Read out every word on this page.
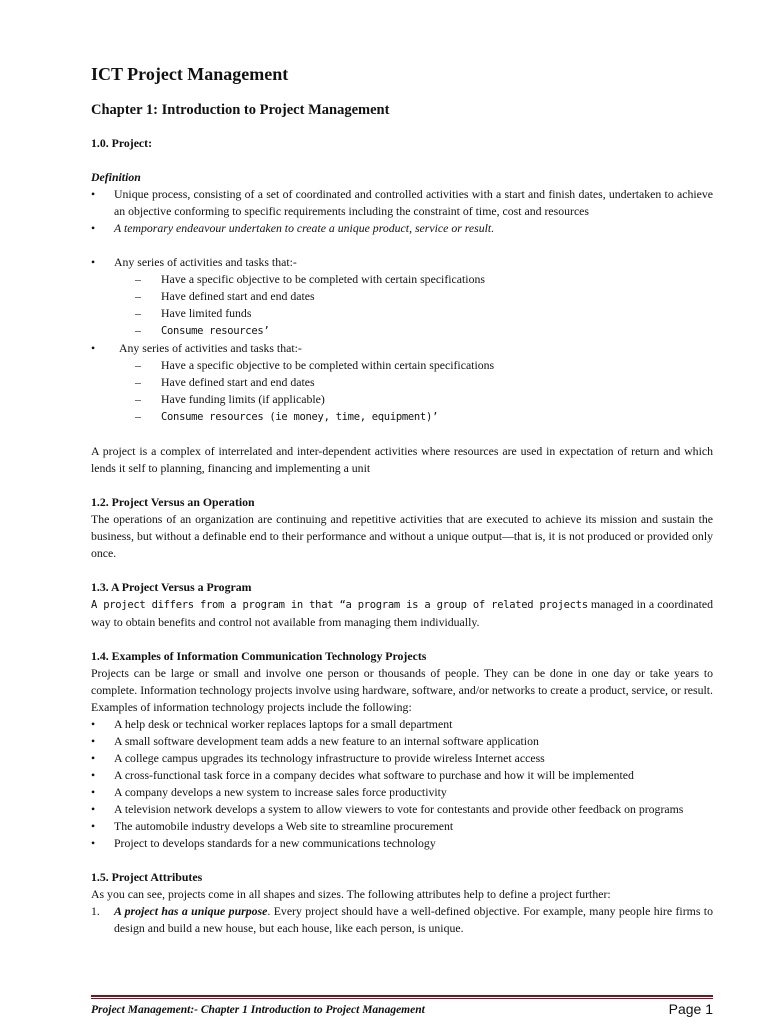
ICT Project Management
Chapter 1: Introduction to Project Management

1.0. Project:

Definition

• Unique process, consisting of a set of coordinated and controlled activities with a start and finish dates, undertaken to achieve an objective conforming to specific requirements including the constraint of time, cost and resources
• A temporary endeavour undertaken to create a unique product, service or result.
• Any series of activities and tasks that:-
– Have a specific objective to be completed with certain specifications
– Have defined start and end dates
– Have limited funds
– Consume resources’
• Any series of activities and tasks that:-
– Have a specific objective to be completed within certain specifications
– Have defined start and end dates
– Have funding limits (if applicable)
– Consume resources (ie money, time, equipment)’

A project is a complex of interrelated and inter-dependent activities where resources are used in expectation of return and which lends it self to planning, financing and implementing a unit

1.2. Project Versus an Operation

The operations of an organization are continuing and repetitive activities that are executed to achieve its mission and sustain the business, but without a definable end to their performance and without a unique output—that is, it is not produced or provided only once.

1.3. A Project Versus a Program

A project differs from a program in that “a program is a group of related projects managed in a coordinated way to obtain benefits and control not available from managing them individually.

1.4. Examples of Information Communication Technology Projects

Projects can be large or small and involve one person or thousands of people. They can be done in one day or take years to complete. Information technology projects involve using hardware, software, and/or networks to create a product, service, or result. Examples of information technology projects include the following:

• A help desk or technical worker replaces laptops for a small department
• A small software development team adds a new feature to an internal software application
• A college campus upgrades its technology infrastructure to provide wireless Internet access
• A cross-functional task force in a company decides what software to purchase and how it will be implemented
• A company develops a new system to increase sales force productivity
• A television network develops a system to allow viewers to vote for contestants and provide other feedback on programs
• The automobile industry develops a Web site to streamline procurement
• Project to develops standards for a new communications technology

1.5. Project Attributes

As you can see, projects come in all shapes and sizes. The following attributes help to define a project further:

1. A project has a unique purpose. Every project should have a well-defined objective. For example, many people hire firms to design and build a new house, but each house, like each person, is unique.
Project Management:- Chapter 1 Introduction to Project Management	Page 1
